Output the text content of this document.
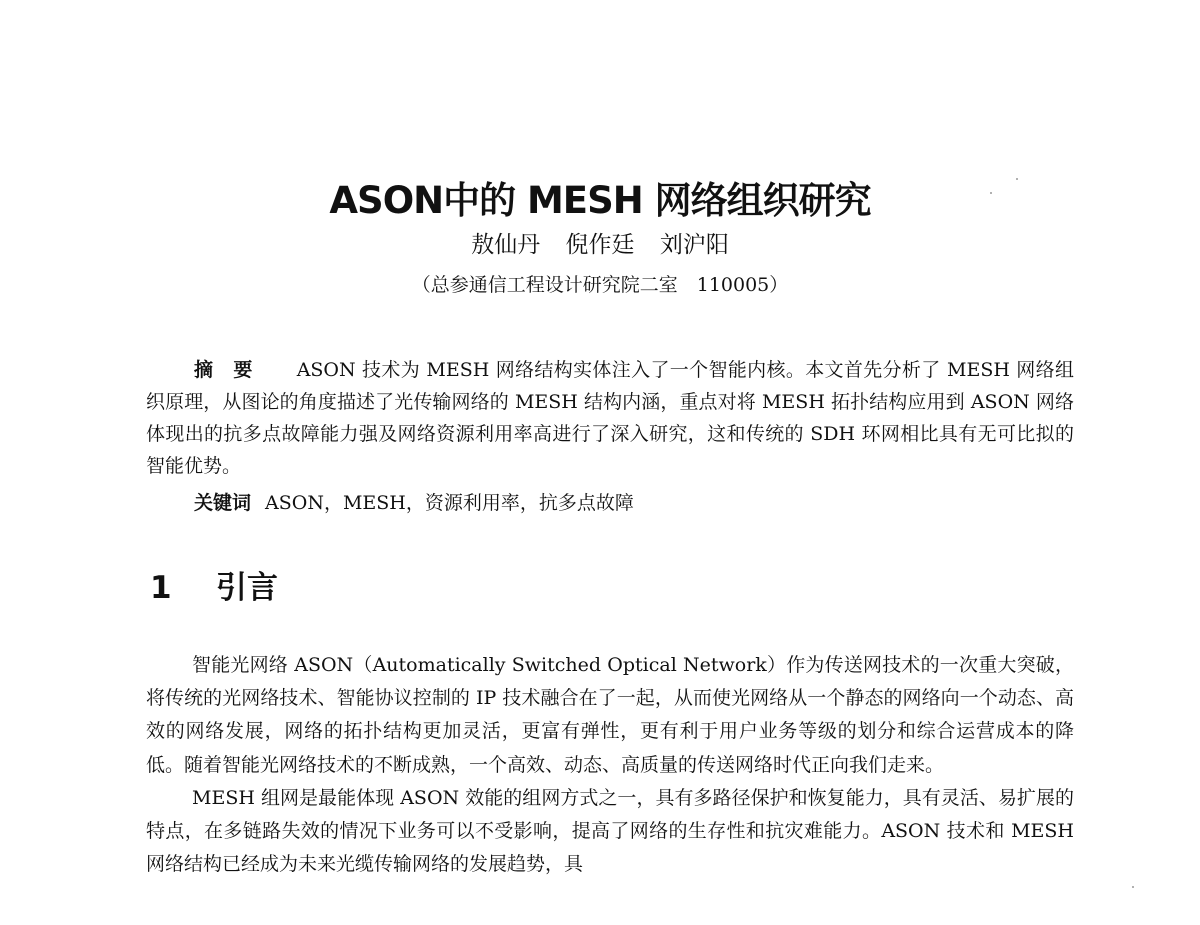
ASON中的 MESH 网络组织研究
敖仙丹 倪作廷 刘沪阳
（总参通信工程设计研究院二室　110005）

摘要 ASON 技术为 MESH 网络结构实体注入了一个智能内核。本文首先分析了 MESH 网络组织原理，从图论的角度描述了光传输网络的 MESH 结构内涵，重点对将 MESH 拓扑结构应用到 ASON 网络体现出的抗多点故障能力强及网络资源利用率高进行了深入研究，这和传统的 SDH 环网相比具有无可比拟的智能优势。

关键词 ASON，MESH，资源利用率，抗多点故障

1 引言

智能光网络 ASON（Automatically Switched Optical Network）作为传送网技术的一次重大突破，将传统的光网络技术、智能协议控制的 IP 技术融合在了一起，从而使光网络从一个静态的网络向一个动态、高效的网络发展，网络的拓扑结构更加灵活，更富有弹性，更有利于用户业务等级的划分和综合运营成本的降低。随着智能光网络技术的不断成熟，一个高效、动态、高质量的传送网络时代正向我们走来。

MESH 组网是最能体现 ASON 效能的组网方式之一，具有多路径保护和恢复能力，具有灵活、易扩展的特点，在多链路失效的情况下业务可以不受影响，提高了网络的生存性和抗灾难能力。ASON 技术和 MESH 网络结构已经成为未来光缆传输网络的发展趋势，具
